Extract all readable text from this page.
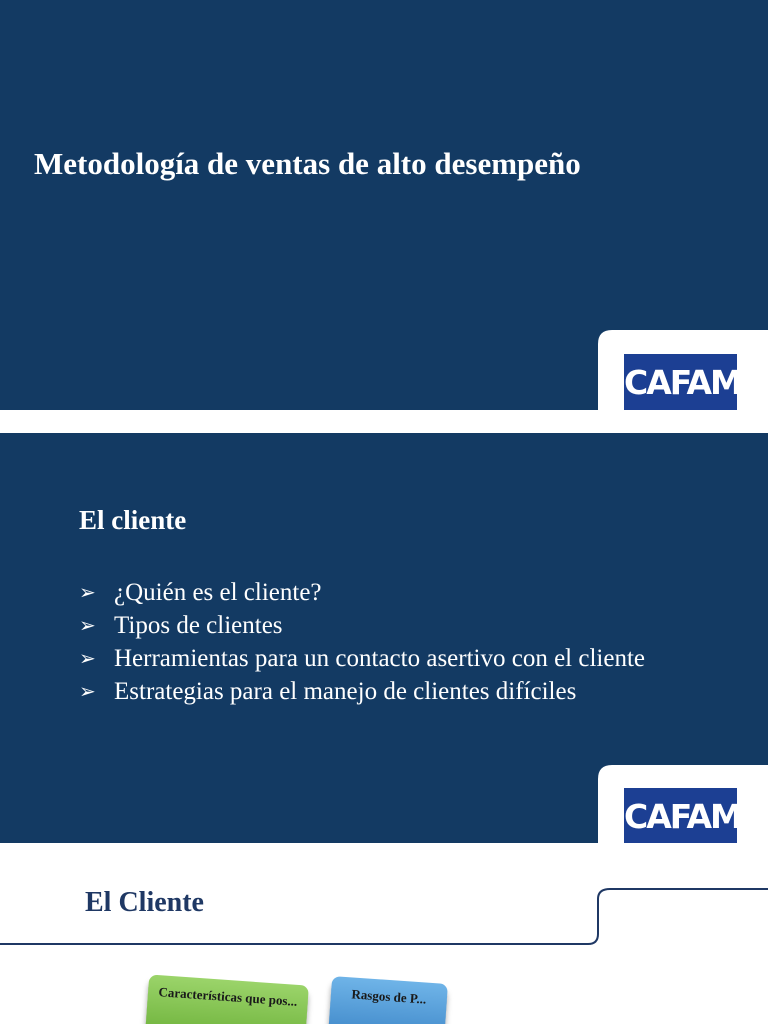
Metodología de ventas de alto desempeño
CAFAM
El cliente
➢ ¿Quién es el cliente?
➢ Tipos de clientes
➢ Herramientas para un contacto asertivo con el cliente
➢ Estrategias para el manejo de clientes difíciles
CAFAM
El Cliente
Características que pos...	Rasgos de P...
